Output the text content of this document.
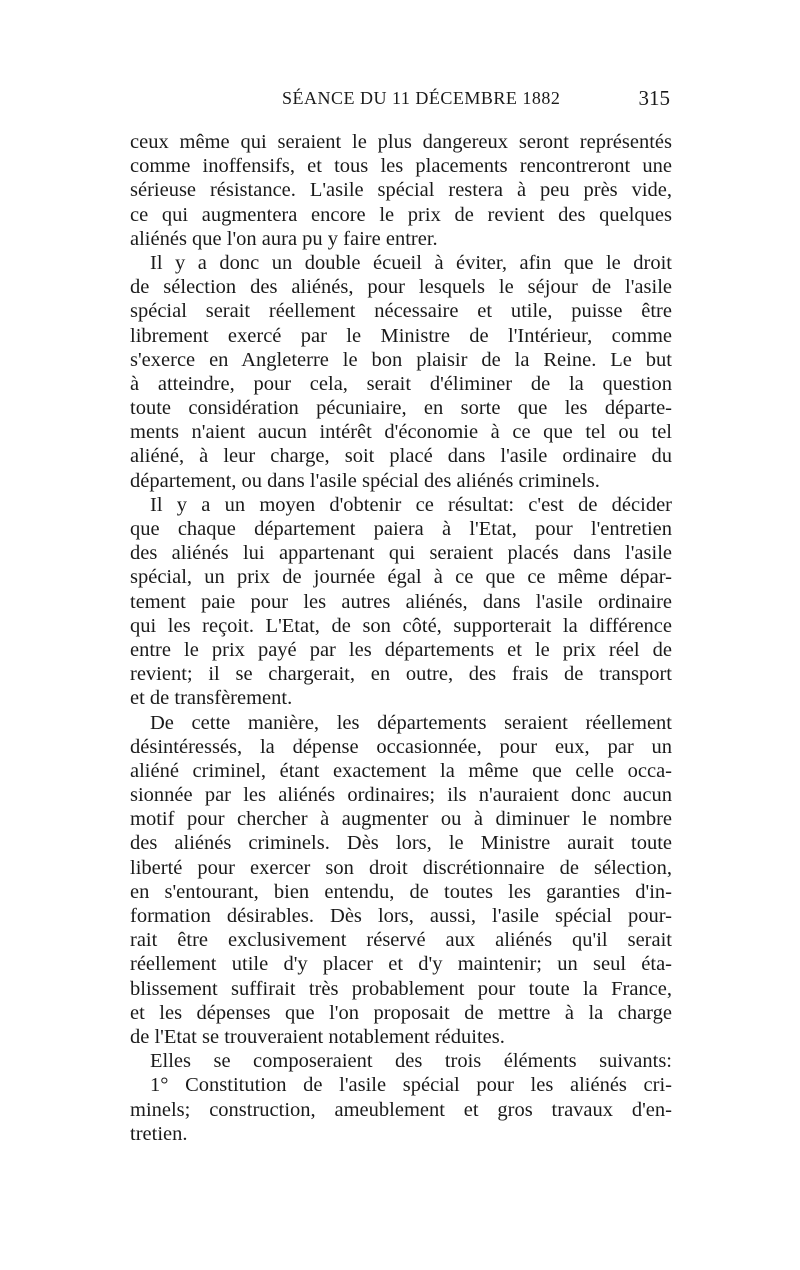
SÉANCE DU 11 DÉCEMBRE 1882	315
ceux même qui seraient le plus dangereux seront représentés
comme inoffensifs, et tous les placements rencontreront une
sérieuse résistance. L'asile spécial restera à peu près vide,
ce qui augmentera encore le prix de revient des quelques
aliénés que l'on aura pu y faire entrer.
Il y a donc un double écueil à éviter, afin que le droit
de sélection des aliénés, pour lesquels le séjour de l'asile
spécial serait réellement nécessaire et utile, puisse être
librement exercé par le Ministre de l'Intérieur, comme
s'exerce en Angleterre le bon plaisir de la Reine. Le but
à atteindre, pour cela, serait d'éliminer de la question
toute considération pécuniaire, en sorte que les départe-
ments n'aient aucun intérêt d'économie à ce que tel ou tel
aliéné, à leur charge, soit placé dans l'asile ordinaire du
département, ou dans l'asile spécial des aliénés criminels.
Il y a un moyen d'obtenir ce résultat: c'est de décider
que chaque département paiera à l'Etat, pour l'entretien
des aliénés lui appartenant qui seraient placés dans l'asile
spécial, un prix de journée égal à ce que ce même dépar-
tement paie pour les autres aliénés, dans l'asile ordinaire
qui les reçoit. L'Etat, de son côté, supporterait la différence
entre le prix payé par les départements et le prix réel de
revient; il se chargerait, en outre, des frais de transport
et de transfèrement.
De cette manière, les départements seraient réellement
désintéressés, la dépense occasionnée, pour eux, par un
aliéné criminel, étant exactement la même que celle occa-
sionnée par les aliénés ordinaires; ils n'auraient donc aucun
motif pour chercher à augmenter ou à diminuer le nombre
des aliénés criminels. Dès lors, le Ministre aurait toute
liberté pour exercer son droit discrétionnaire de sélection,
en s'entourant, bien entendu, de toutes les garanties d'in-
formation désirables. Dès lors, aussi, l'asile spécial pour-
rait être exclusivement réservé aux aliénés qu'il serait
réellement utile d'y placer et d'y maintenir; un seul éta-
blissement suffirait très probablement pour toute la France,
et les dépenses que l'on proposait de mettre à la charge
de l'Etat se trouveraient notablement réduites.
Elles se composeraient des trois éléments suivants:
1° Constitution de l'asile spécial pour les aliénés cri-
minels; construction, ameublement et gros travaux d'en-
tretien.
